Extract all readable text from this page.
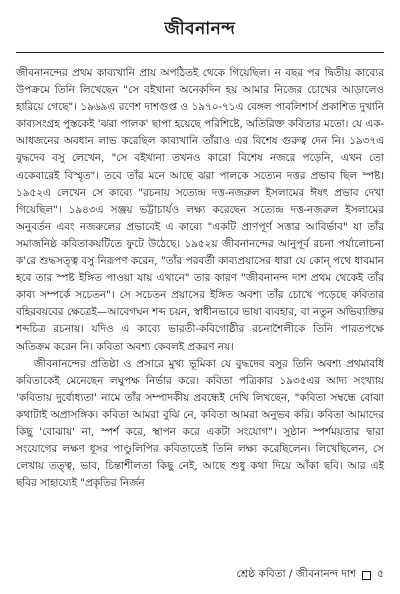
জীবনানন্দ

জীবনানন্দের প্রথম কাব্যখানি প্রায় অপঠিতই থেকে গিয়েছিল। ন বছর পর দ্বিতীয় কাব্যের উপক্রমে তিনি লিখেছেন "সে বইখানা অনেকদিন হয় আমার নিজের চোখের আড়ালেও হারিয়ে গেছে"। ১৯৬৯এ রণেশ দাশগুপ্ত ও ১৯৭০-৭১এ বেঙ্গল পাবলিশার্স প্রকাশিত দুখানি কাব্যসংগ্রহ পুস্তকেই 'ঝরা পালক' ছাপা হয়েছে পরিশিষ্টে, অতিরিক্ত কবিতার মতো। যে এক-আধজনের অবধান লাভ করেছিল কাব্যখানি তাঁরাও এর বিশেষ গুরুত্ব দেন নি। ১৯৩৭এ বুদ্ধদেব বসু লেখেন, "সে বইখানা তখনও কারো বিশেষ নজরে পড়েনি, এখন তো একেবারেই বিস্মৃত"। তবে তাঁর মনে আছে ঝরা পালকে সত্যেন দত্তর প্রভাব ছিল স্পষ্ট। ১৯৫২এ লেখেন সে কাব্যে "রচনায় সত্যেন্দ্র দত্ত-নজরুল ইসলামের ঈষৎ প্রভাব দেখা গিয়েছিল"। ১৯৪৩এ সঞ্জয় ভট্টাচার্যও লক্ষ্য করেছেন সত্যেন্দ্র দত্ত-নজরুল ইসলামের অনুবর্তন এবং নজরুলের প্রভাবেই এ কাব্যে "একটি প্রাণপূর্ণ সত্তার আবির্ভাব" যা তাঁর সমাজনিষ্ঠ কবিতাকয়টিতে ফুটে উঠেছে। ১৯৫২য় জীবনানন্দের আনুপূর্ব রচনা পর্যালোচনা ক'রে শুদ্ধসত্ত্ব বসু নিরূপণ করেন, "তাঁর পরবর্তী কাব্যপ্রয়াসের ধারা যে কোন্ পথে ধাবমান হবে তার স্পষ্ট ইঙ্গিত পাওয়া যায় এখানে" তার কারণ "জীবনানন্দ দাশ প্রথম থেকেই তাঁর কাব্য সম্পর্কে সচেতন"। সে সচেতন প্রয়াসের ইঙ্গিত অবশ্য তাঁর চোখে পড়েছে কবিতার বহিরবয়বের ক্ষেত্রেই—আবেগঘন শব্দ চয়ন, স্বাধীনভাবে ভাষা ব্যবহার, বা নতুন অভিব্যক্তির শব্দচিত্র রচনায়। যদিও এ কাব্যে ভারতী-কবিগোষ্ঠীর রচনাশৈলীকে তিনি পারতপক্ষে অতিক্রম করেন নি। কবিতা অবশ্য কেবলই প্রকরণ নয়।

জীবনানন্দের প্রতিষ্ঠা ও প্রসারে মুখ্য ভূমিকা যে বুদ্ধদেব বসুর তিনি অবশ্য প্রথমাবধি কবিতাকেই মেনেছেন লঘুপক্ষ নির্ভার করে। কবিতা পত্রিকার ১৯৩৫এর আদ্য সংখ্যায় 'কবিতায় দুর্বোধ্যতা' নামে তাঁর সম্পাদকীয় প্রবন্ধেই দেখি লিখছেন, "কবিতা সম্বন্ধে বোঝা কথাটাই অপ্রাসঙ্গিক। কবিতা আমরা বুঝি নে, কবিতা আমরা অনুভব করি। কবিতা আমাদের কিছু 'বোঝায়' না, স্পর্শ করে, স্থাপন করে একটা সংযোগ"। সুষ্ঠান স্পর্শময়তার দ্বারা সংযোগের লক্ষণ ধূসর পাণ্ডুলিপির কবিতাতেই তিনি লক্ষ্য করেছিলেন। লিখেছিলেন, সে লেখায় তত্ত্ব, ভাব, চিন্তাশীলতা কিছু নেই, আছে শুধু কথা দিয়ে আঁকা ছবি। আর এই ছবির সাহায্যেই "প্রকৃতির নির্জন

শ্রেষ্ঠ কবিতা / জীবনানন্দ দাশ ৫
